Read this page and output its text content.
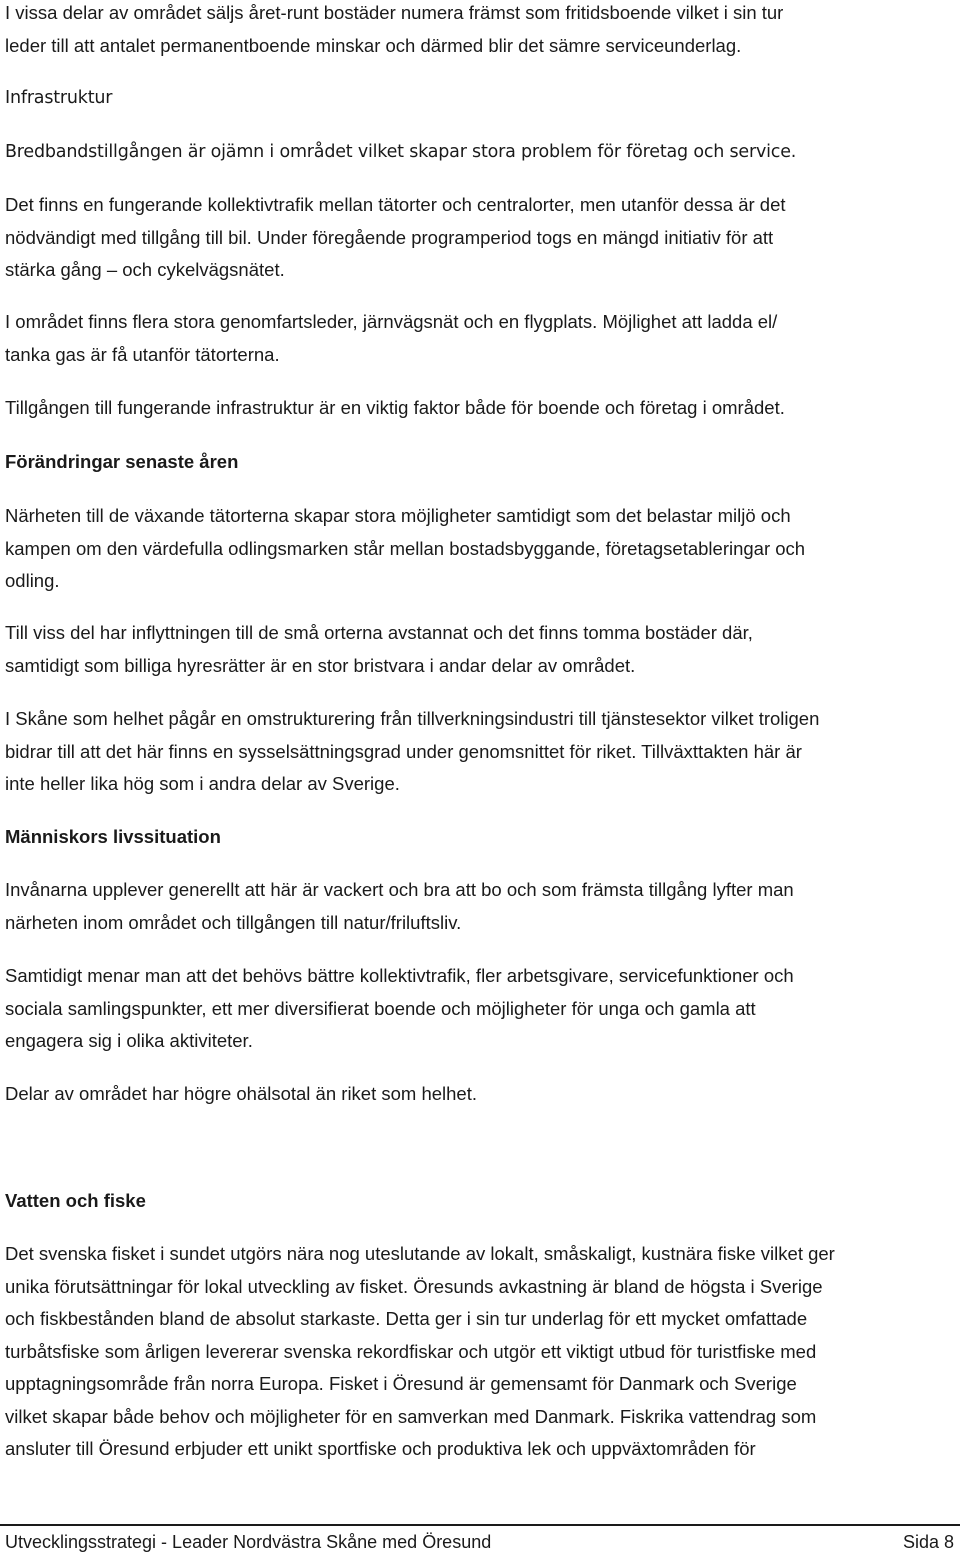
I vissa delar av området säljs året-runt bostäder numera främst som fritidsboende vilket i sin tur
leder till att antalet permanentboende minskar och därmed blir det sämre serviceunderlag.

Infrastruktur

Bredbandstillgången är ojämn i området vilket skapar stora problem för företag och service.

Det finns en fungerande kollektivtrafik mellan tätorter och centralorter, men utanför dessa är det
nödvändigt med tillgång till bil. Under föregående programperiod togs en mängd initiativ för att
stärka gång – och cykelvägsnätet.

I området finns flera stora genomfartsleder, järnvägsnät och en flygplats. Möjlighet att ladda el/
tanka gas är få utanför tätorterna.

Tillgången till fungerande infrastruktur är en viktig faktor både för boende och företag i området.

Förändringar senaste åren

Närheten till de växande tätorterna skapar stora möjligheter samtidigt som det belastar miljö och
kampen om den värdefulla odlingsmarken står mellan bostadsbyggande, företagsetableringar och
odling.

Till viss del har inflyttningen till de små orterna avstannat och det finns tomma bostäder där,
samtidigt som billiga hyresrätter är en stor bristvara i andar delar av området.

I Skåne som helhet pågår en omstrukturering från tillverkningsindustri till tjänstesektor vilket troligen
bidrar till att det här finns en sysselsättningsgrad under genomsnittet för riket. Tillväxttakten här är
inte heller lika hög som i andra delar av Sverige.

Människors livssituation

Invånarna upplever generellt att här är vackert och bra att bo och som främsta tillgång lyfter man
närheten inom området och tillgången till natur/friluftsliv.

Samtidigt menar man att det behövs bättre kollektivtrafik, fler arbetsgivare, servicefunktioner och
sociala samlingspunkter, ett mer diversifierat boende och möjligheter för unga och gamla att
engagera sig i olika aktiviteter.

Delar av området har högre ohälsotal än riket som helhet.

Vatten och fiske

Det svenska fisket i sundet utgörs nära nog uteslutande av lokalt, småskaligt, kustnära fiske vilket ger
unika förutsättningar för lokal utveckling av fisket. Öresunds avkastning är bland de högsta i Sverige
och fiskbestånden bland de absolut starkaste. Detta ger i sin tur underlag för ett mycket omfattade
turbåtsfiske som årligen levererar svenska rekordfiskar och utgör ett viktigt utbud för turistfiske med
upptagningsområde från norra Europa. Fisket i Öresund är gemensamt för Danmark och Sverige
vilket skapar både behov och möjligheter för en samverkan med Danmark. Fiskrika vattendrag som
ansluter till Öresund erbjuder ett unikt sportfiske och produktiva lek och uppväxtområden för

Utvecklingsstrategi - Leader Nordvästra Skåne med Öresund	Sida 8
